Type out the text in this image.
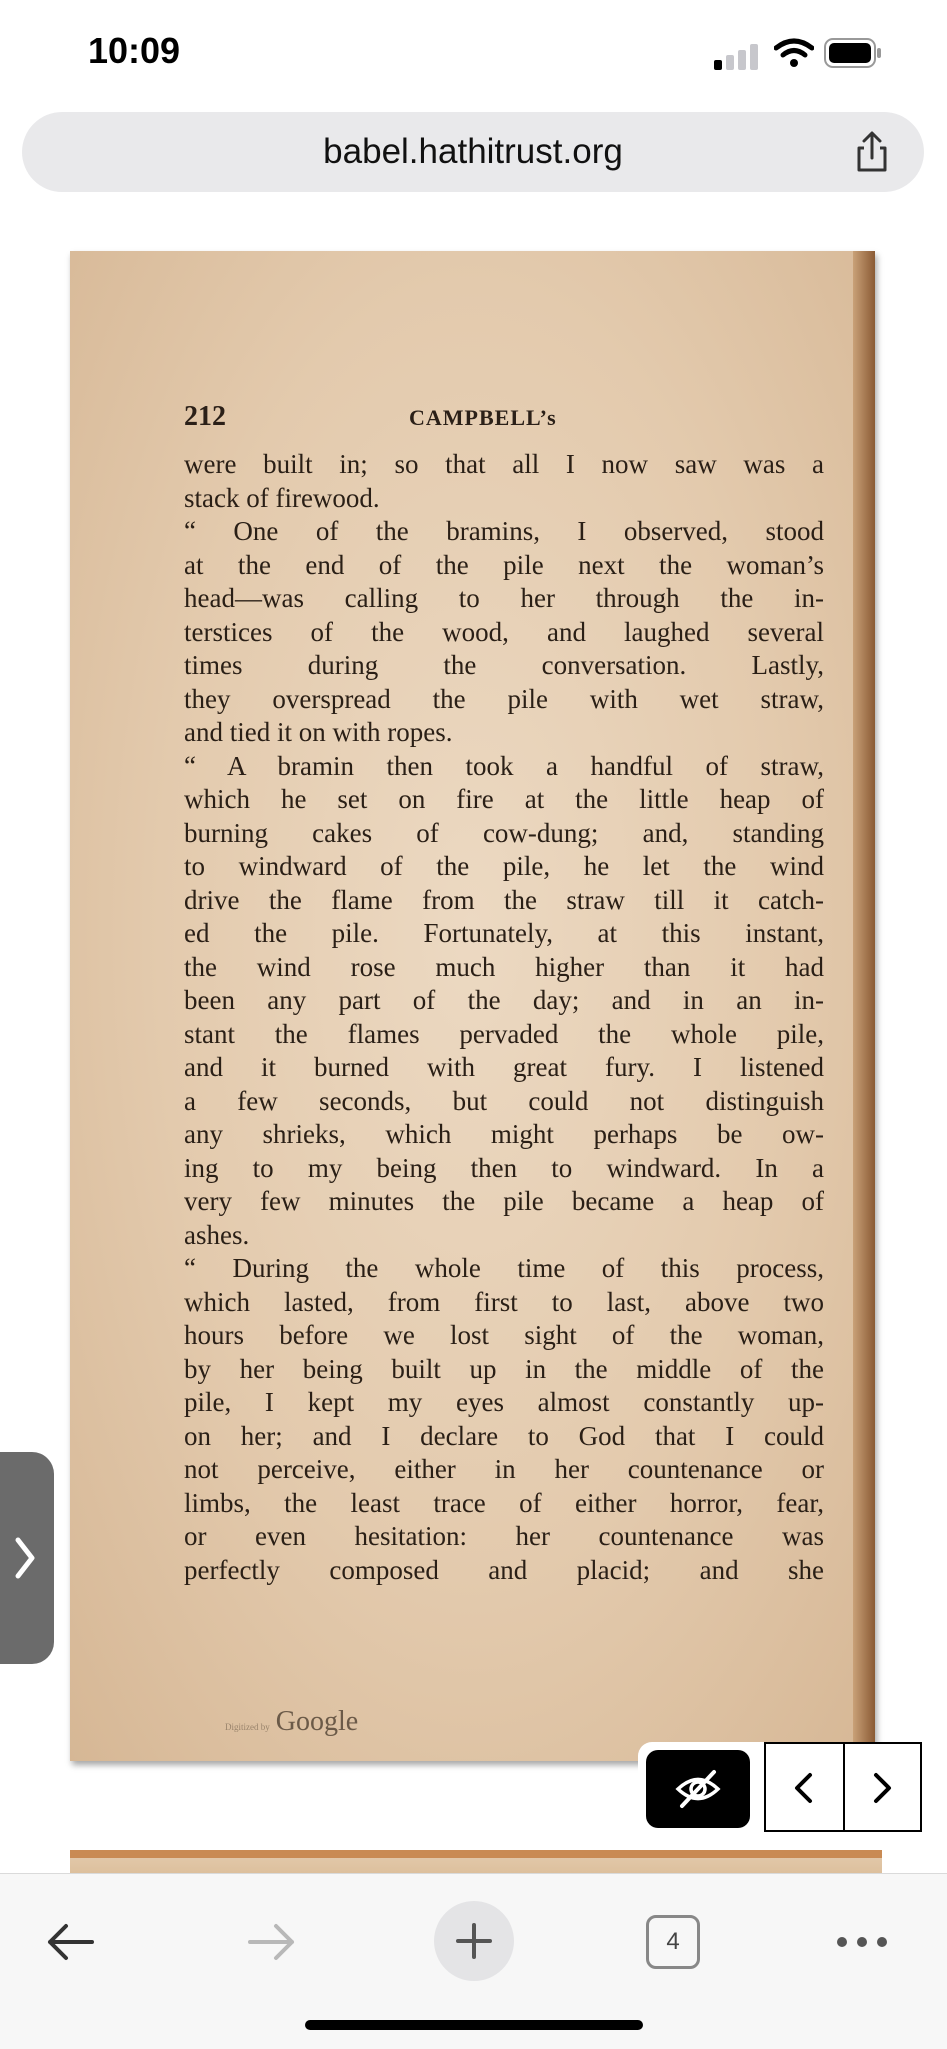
10:09
babel.hathitrust.org
212	CAMPBELL’s
were built in; so that all I now saw was a
stack of firewood.
“ One of the bramins, I observed, stood
at the end of the pile next the woman’s
head—was calling to her through the in-
terstices of the wood, and laughed several
times during the conversation. Lastly,
they overspread the pile with wet straw,
and tied it on with ropes.
“ A bramin then took a handful of straw,
which he set on fire at the little heap of
burning cakes of cow-dung; and, standing
to windward of the pile, he let the wind
drive the flame from the straw till it catch-
ed the pile. Fortunately, at this instant,
the wind rose much higher than it had
been any part of the day; and in an in-
stant the flames pervaded the whole pile,
and it burned with great fury. I listened
a few seconds, but could not distinguish
any shrieks, which might perhaps be ow-
ing to my being then to windward. In a
very few minutes the pile became a heap of
ashes.
“ During the whole time of this process,
which lasted, from first to last, above two
hours before we lost sight of the woman,
by her being built up in the middle of the
pile, I kept my eyes almost constantly up-
on her; and I declare to God that I could
not perceive, either in her countenance or
limbs, the least trace of either horror, fear,
or even hesitation: her countenance was
perfectly composed and placid; and she
Digitized by Google
4
